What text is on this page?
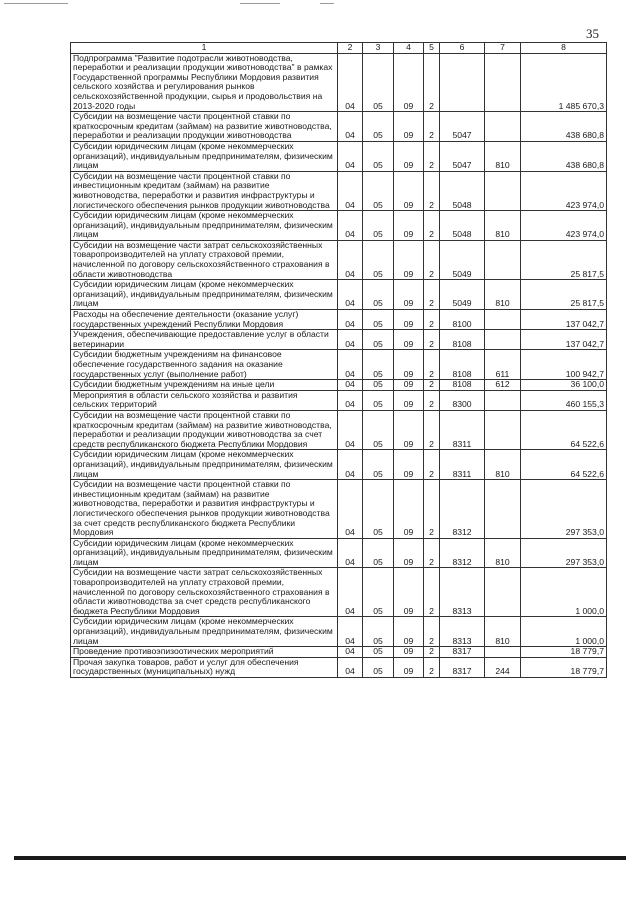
35
1	2	3	4	5	6	7	8
Подпрограмма "Развитие подотрасли животноводства, переработки и реализации продукции животноводства" в рамках Государственной программы Республики Мордовия развития сельского хозяйства и регулирования рынков сельскохозяйственной продукции, сырья и продовольствия на 2013-2020 годы	04	05	09	2			1 485 670,3
Субсидии на возмещение части процентной ставки по краткосрочным кредитам (займам) на развитие животноводства, переработки и реализации продукции животноводства	04	05	09	2	5047		438 680,8
Субсидии юридическим лицам (кроме некоммерческих организаций), индивидуальным предпринимателям, физическим лицам	04	05	09	2	5047	810	438 680,8
Субсидии на возмещение части процентной ставки по инвестиционным кредитам (займам) на развитие животноводства, переработки и развития инфраструктуры и логистического обеспечения рынков продукции животноводства	04	05	09	2	5048		423 974,0
Субсидии юридическим лицам (кроме некоммерческих организаций), индивидуальным предпринимателям, физическим лицам	04	05	09	2	5048	810	423 974,0
Субсидии на возмещение части затрат сельскохозяйственных товаропроизводителей на уплату страховой премии, начисленной по договору сельскохозяйственного страхования в области животноводства	04	05	09	2	5049		25 817,5
Субсидии юридическим лицам (кроме некоммерческих организаций), индивидуальным предпринимателям, физическим лицам	04	05	09	2	5049	810	25 817,5
Расходы на обеспечение деятельности (оказание услуг) государственных учреждений Республики Мордовия	04	05	09	2	8100		137 042,7
Учреждения, обеспечивающие предоставление услуг в области ветеринарии	04	05	09	2	8108		137 042,7
Субсидии бюджетным учреждениям на финансовое обеспечение государственного задания на оказание государственных услуг (выполнение работ)	04	05	09	2	8108	611	100 942,7
Субсидии бюджетным учреждениям на иные цели	04	05	09	2	8108	612	36 100,0
Мероприятия в области сельского хозяйства и развития сельских территорий	04	05	09	2	8300		460 155,3
Субсидии на возмещение части процентной ставки по краткосрочным кредитам (займам) на развитие животноводства, переработки и реализации продукции животноводства за счет средств республиканского бюджета Республики Мордовия	04	05	09	2	8311		64 522,6
Субсидии юридическим лицам (кроме некоммерческих организаций), индивидуальным предпринимателям, физическим лицам	04	05	09	2	8311	810	64 522,6
Субсидии на возмещение части процентной ставки по инвестиционным кредитам (займам) на развитие животноводства, переработки и развития инфраструктуры и логистического обеспечения рынков продукции животноводства за счет средств республиканского бюджета Республики Мордовия	04	05	09	2	8312		297 353,0
Субсидии юридическим лицам (кроме некоммерческих организаций), индивидуальным предпринимателям, физическим лицам	04	05	09	2	8312	810	297 353,0
Субсидии на возмещение части затрат сельскохозяйственных товаропроизводителей на уплату страховой премии, начисленной по договору сельскохозяйственного страхования в области животноводства за счет средств республиканского бюджета Республики Мордовия	04	05	09	2	8313		1 000,0
Субсидии юридическим лицам (кроме некоммерческих организаций), индивидуальным предпринимателям, физическим лицам	04	05	09	2	8313	810	1 000,0
Проведение противоэпизоотических мероприятий	04	05	09	2	8317		18 779,7
Прочая закупка товаров, работ и услуг для обеспечения государственных (муниципальных) нужд	04	05	09	2	8317	244	18 779,7
